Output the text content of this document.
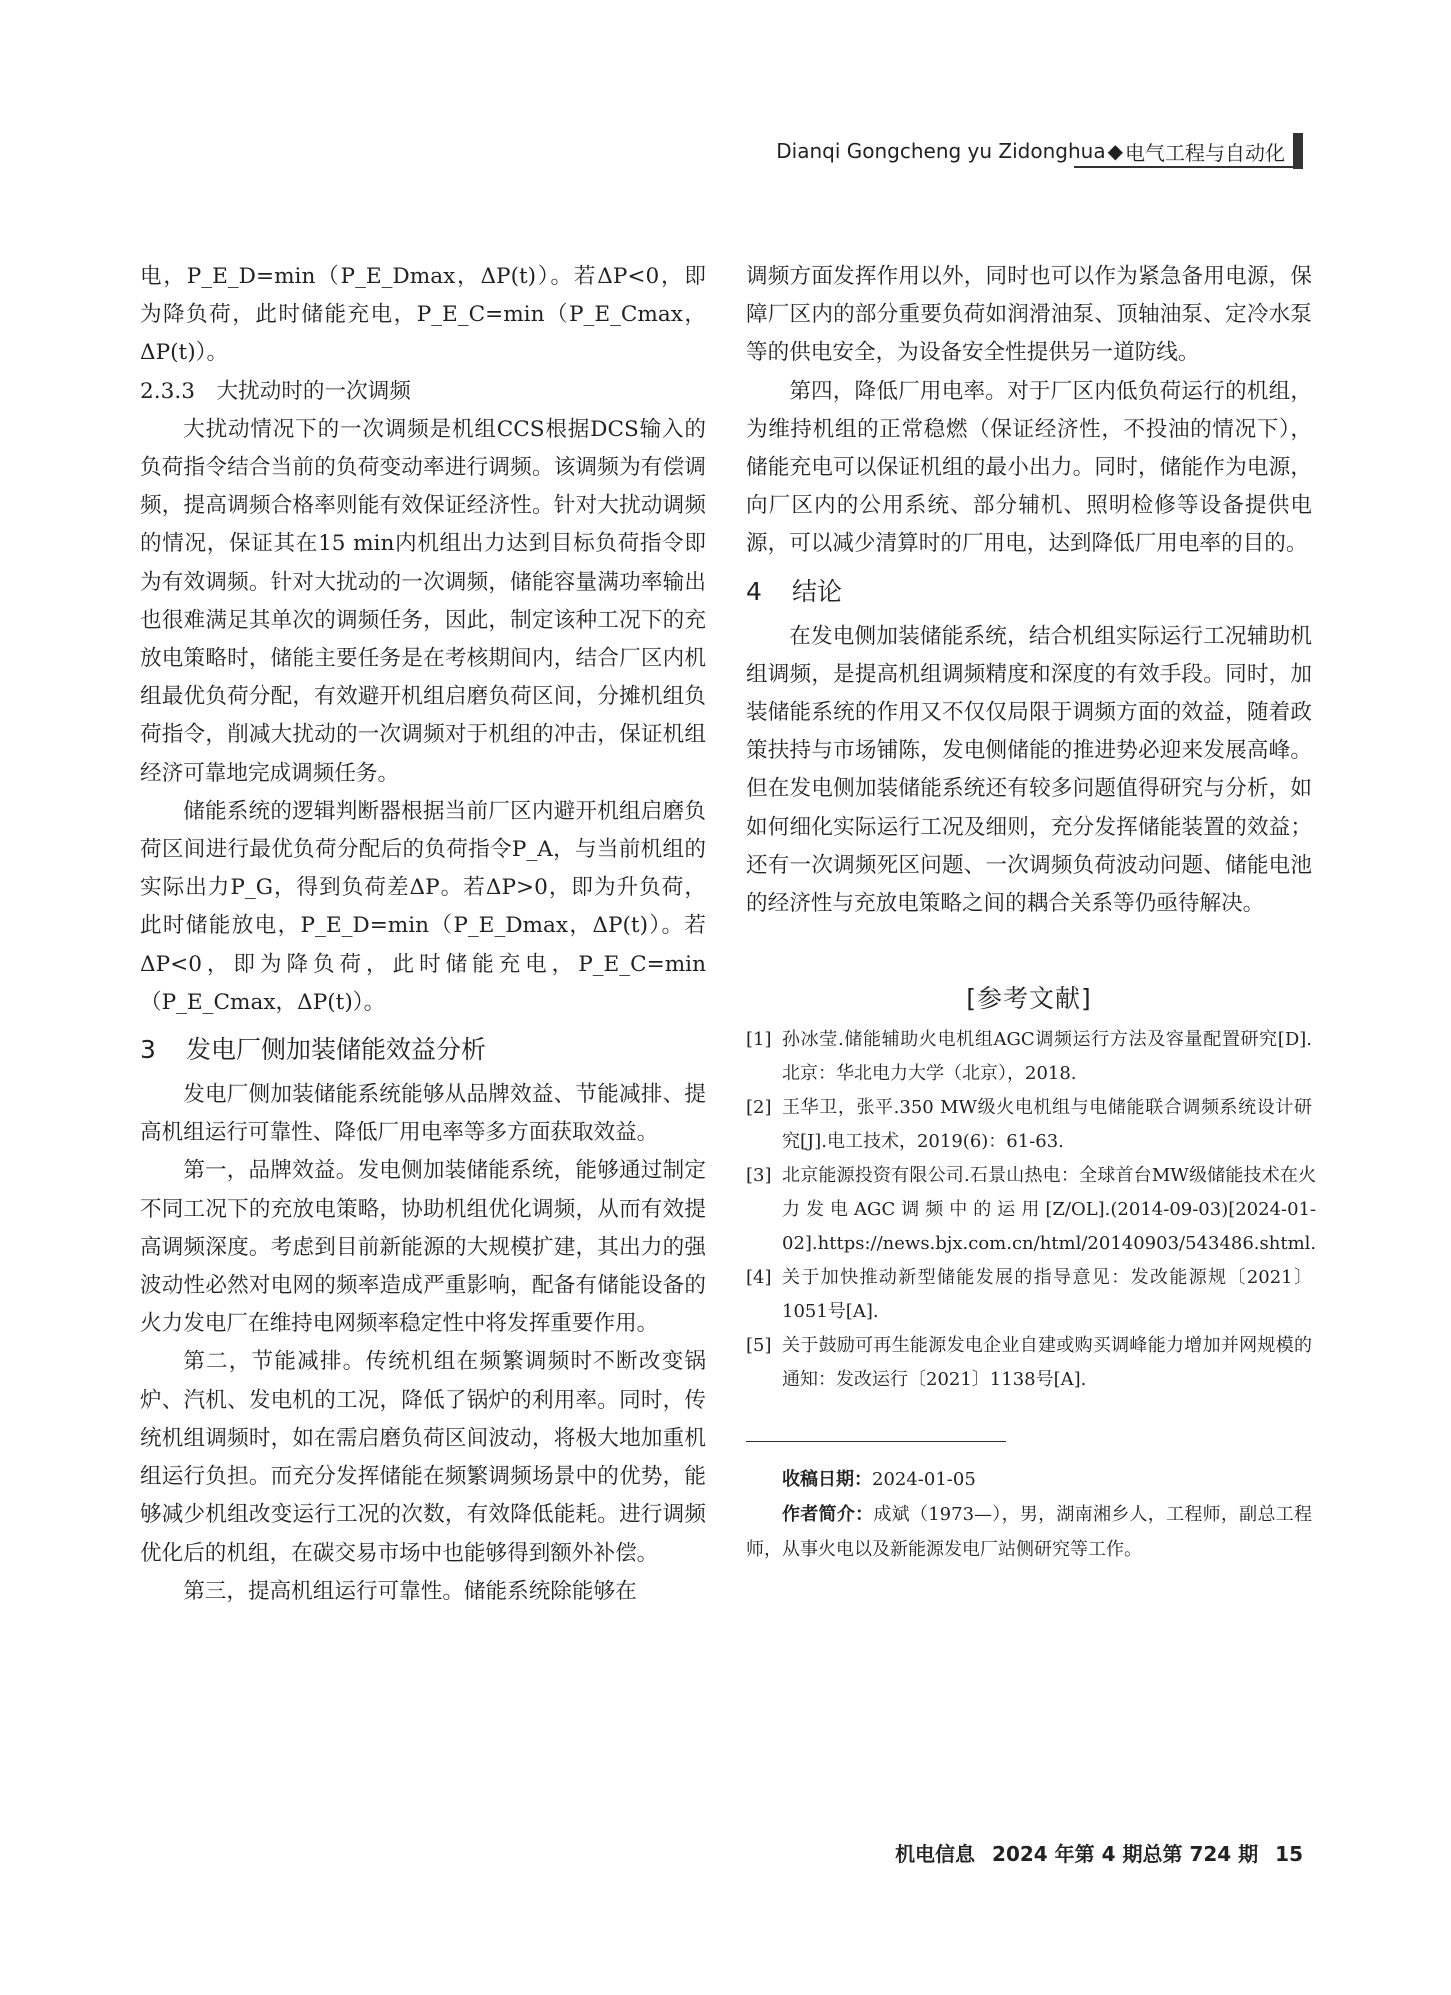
Dianqi Gongcheng yu Zidonghua ◆ 电气工程与自动化

电，P_E_D=min（P_E_Dmax，ΔP(t)）。若ΔP<0，即为降负荷，此时储能充电，P_E_C=min（P_E_Cmax，ΔP(t)）。

2.3.3　大扰动时的一次调频

大扰动情况下的一次调频是机组CCS根据DCS输入的负荷指令结合当前的负荷变动率进行调频。该调频为有偿调频，提高调频合格率则能有效保证经济性。针对大扰动调频的情况，保证其在15 min内机组出力达到目标负荷指令即为有效调频。针对大扰动的一次调频，储能容量满功率输出也很难满足其单次的调频任务，因此，制定该种工况下的充放电策略时，储能主要任务是在考核期间内，结合厂区内机组最优负荷分配，有效避开机组启磨负荷区间，分摊机组负荷指令，削减大扰动的一次调频对于机组的冲击，保证机组经济可靠地完成调频任务。

储能系统的逻辑判断器根据当前厂区内避开机组启磨负荷区间进行最优负荷分配后的负荷指令P_A，与当前机组的实际出力P_G，得到负荷差ΔP。若ΔP>0，即为升负荷，此时储能放电，P_E_D=min（P_E_Dmax，ΔP(t)）。若ΔP<0，即为降负荷，此时储能充电，P_E_C=min（P_E_Cmax，ΔP(t)）。

3 发电厂侧加装储能效益分析

发电厂侧加装储能系统能够从品牌效益、节能减排、提高机组运行可靠性、降低厂用电率等多方面获取效益。

第一，品牌效益。发电侧加装储能系统，能够通过制定不同工况下的充放电策略，协助机组优化调频，从而有效提高调频深度。考虑到目前新能源的大规模扩建，其出力的强波动性必然对电网的频率造成严重影响，配备有储能设备的火力发电厂在维持电网频率稳定性中将发挥重要作用。

第二，节能减排。传统机组在频繁调频时不断改变锅炉、汽机、发电机的工况，降低了锅炉的利用率。同时，传统机组调频时，如在需启磨负荷区间波动，将极大地加重机组运行负担。而充分发挥储能在频繁调频场景中的优势，能够减少机组改变运行工况的次数，有效降低能耗。进行调频优化后的机组，在碳交易市场中也能够得到额外补偿。

第三，提高机组运行可靠性。储能系统除能够在

调频方面发挥作用以外，同时也可以作为紧急备用电源，保障厂区内的部分重要负荷如润滑油泵、顶轴油泵、定冷水泵等的供电安全，为设备安全性提供另一道防线。

第四，降低厂用电率。对于厂区内低负荷运行的机组，为维持机组的正常稳燃（保证经济性，不投油的情况下），储能充电可以保证机组的最小出力。同时，储能作为电源，向厂区内的公用系统、部分辅机、照明检修等设备提供电源，可以减少清算时的厂用电，达到降低厂用电率的目的。

4 结论

在发电侧加装储能系统，结合机组实际运行工况辅助机组调频，是提高机组调频精度和深度的有效手段。同时，加装储能系统的作用又不仅仅局限于调频方面的效益，随着政策扶持与市场铺陈，发电侧储能的推进势必迎来发展高峰。但在发电侧加装储能系统还有较多问题值得研究与分析，如如何细化实际运行工况及细则，充分发挥储能装置的效益；还有一次调频死区问题、一次调频负荷波动问题、储能电池的经济性与充放电策略之间的耦合关系等仍亟待解决。

[参考文献]
[1] 孙冰莹.储能辅助火电机组AGC调频运行方法及容量配置研究[D].北京：华北电力大学（北京），2018.
[2] 王华卫，张平.350 MW级火电机组与电储能联合调频系统设计研究[J].电工技术，2019(6)：61-63.
[3] 北京能源投资有限公司.石景山热电：全球首台MW级储能技术在火力发电AGC调频中的运用[Z/OL].(2014-09-03)[2024-01-02].https://news.bjx.com.cn/html/20140903/543486.shtml.
[4] 关于加快推动新型储能发展的指导意见：发改能源规〔2021〕1051号[A].
[5] 关于鼓励可再生能源发电企业自建或购买调峰能力增加并网规模的通知：发改运行〔2021〕1138号[A].
收稿日期：2024-01-05
作者简介：成斌（1973—），男，湖南湘乡人，工程师，副总工程师，从事火电以及新能源发电厂站侧研究等工作。
机电信息 2024 年第 4 期总第 724 期 15
